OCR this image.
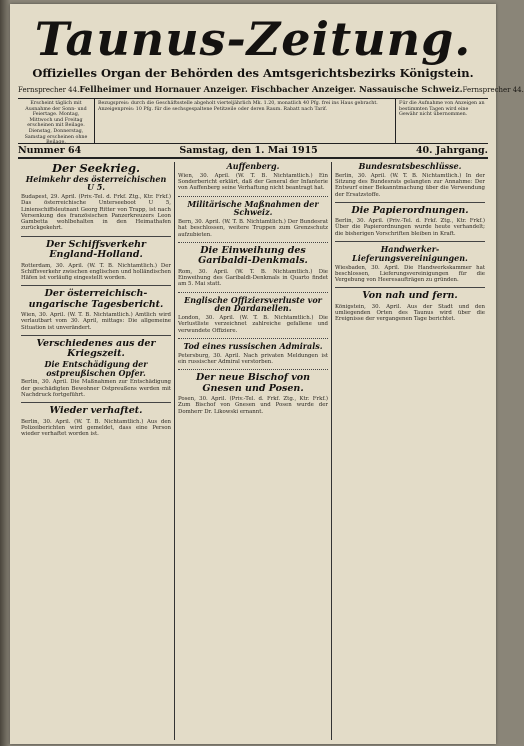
Taunus-Zeitung.
Offizielles Organ der Behörden des Amtsgerichtsbezirks Königstein.
Fernsprecher 44. Fellheimer und Hornauer Anzeiger. Fischbacher Anzeiger. Nassauische Schweiz. Fernsprecher 44.
Erscheint täglich mit Ausnahme der Sonn- und Feiertage. Montag, Mittwoch und Freitag erscheinen mit Beilage. Dienstag, Donnerstag, Samstag erscheinen ohne Beilage.
Bezugspreis: durch die Geschäftsstelle abgeholt vierteljährlich Mk. 1.20, monatlich 40 Pfg. frei ins Haus gebracht. Anzeigenpreis: 10 Pfg. für die sechsgespaltene Petitzeile oder deren Raum. Rabatt nach Tarif.
Für die Aufnahme von Anzeigen an bestimmten Tagen wird eine Gewähr nicht übernommen.
Nummer 64	Samstag, den 1. Mai 1915	40. Jahrgang.
Der Seekrieg.
Heimkehr des österreichischen U 5.
Budapest, 29. April. (Priv.-Tel. d. Frkf. Ztg., Ktr. Frkf.) Das österreichische Unterseeboot U 5, Linienschiffsleutnant Georg Ritter von Trapp, ist nach Versenkung des französischen Panzerkreuzers Leon Gambetta wohlbehalten in den Heimathafen zurückgekehrt.
Der Schiffsverkehr England-Holland.
Rotterdam, 30. April. (W. T. B. Nichtamtlich.) Der Schiffsverkehr zwischen englischen und holländischen Häfen ist vorläufig eingestellt worden.
Der österreichisch-ungarische Tagesbericht.
Wien, 30. April. (W. T. B. Nichtamtlich.) Amtlich wird verlautbart vom 30. April, mittags: Die allgemeine Situation ist unverändert.
Verschiedenes aus der Kriegszeit.
Die Entschädigung der ostpreußischen Opfer.
Berlin, 30. April. Die Maßnahmen zur Entschädigung der geschädigten Bewohner Ostpreußens werden mit Nachdruck fortgeführt.
Wieder verhaftet.
Berlin, 30. April. (W. T. B. Nichtamtlich.) Aus den Polizeiberichten wird gemeldet, dass eine Person wieder verhaftet worden ist.
Auffenberg.
Wien, 30. April. (W. T. B. Nichtamtlich.) Ein Sonderbericht erklärt, daß der General der Infanterie von Auffenberg seine Verhaftung nicht beantragt hat.
Militärische Maßnahmen der Schweiz.
Bern, 30. April. (W. T. B. Nichtamtlich.) Der Bundesrat hat beschlossen, weitere Truppen zum Grenzschutz aufzubieten.
Die Einweihung des Garibaldi-Denkmals.
Rom, 30. April. (W. T. B. Nichtamtlich.) Die Einweihung des Garibaldi-Denkmals in Quarto findet am 5. Mai statt.
Englische Offiziersverluste vor den Dardanellen.
London, 30. April. (W. T. B. Nichtamtlich.) Die Verlustliste verzeichnet zahlreiche gefallene und verwundete Offiziere.
Tod eines russischen Admirals.
Petersburg, 30. April. Nach privaten Meldungen ist ein russischer Admiral verstorben.
Der neue Bischof von Gnesen und Posen.
Posen, 30. April. (Priv.-Tel. d. Frkf. Ztg., Ktr. Frkf.) Zum Bischof von Gnesen und Posen wurde der Domherr Dr. Likowski ernannt.
Bundesratsbeschlüsse.
Berlin, 30. April. (W. T. B. Nichtamtlich.) In der Sitzung des Bundesrats gelangten zur Annahme: Der Entwurf einer Bekanntmachung über die Verwendung der Ersatzstoffe.
Die Papierordnungen.
Berlin, 30. April. (Priv.-Tel. d. Frkf. Ztg., Ktr. Frkf.) Über die Papierordnungen wurde heute verhandelt; die bisherigen Vorschriften bleiben in Kraft.
Handwerker-Lieferungsvereinigungen.
Wiesbaden, 30. April. Die Handwerkskammer hat beschlossen, Lieferungsvereinigungen für die Vergebung von Heeresaufträgen zu gründen.
Von nah und fern.
Königstein, 30. April. Aus der Stadt und den umliegenden Orten des Taunus wird über die Ereignisse der vergangenen Tage berichtet.
